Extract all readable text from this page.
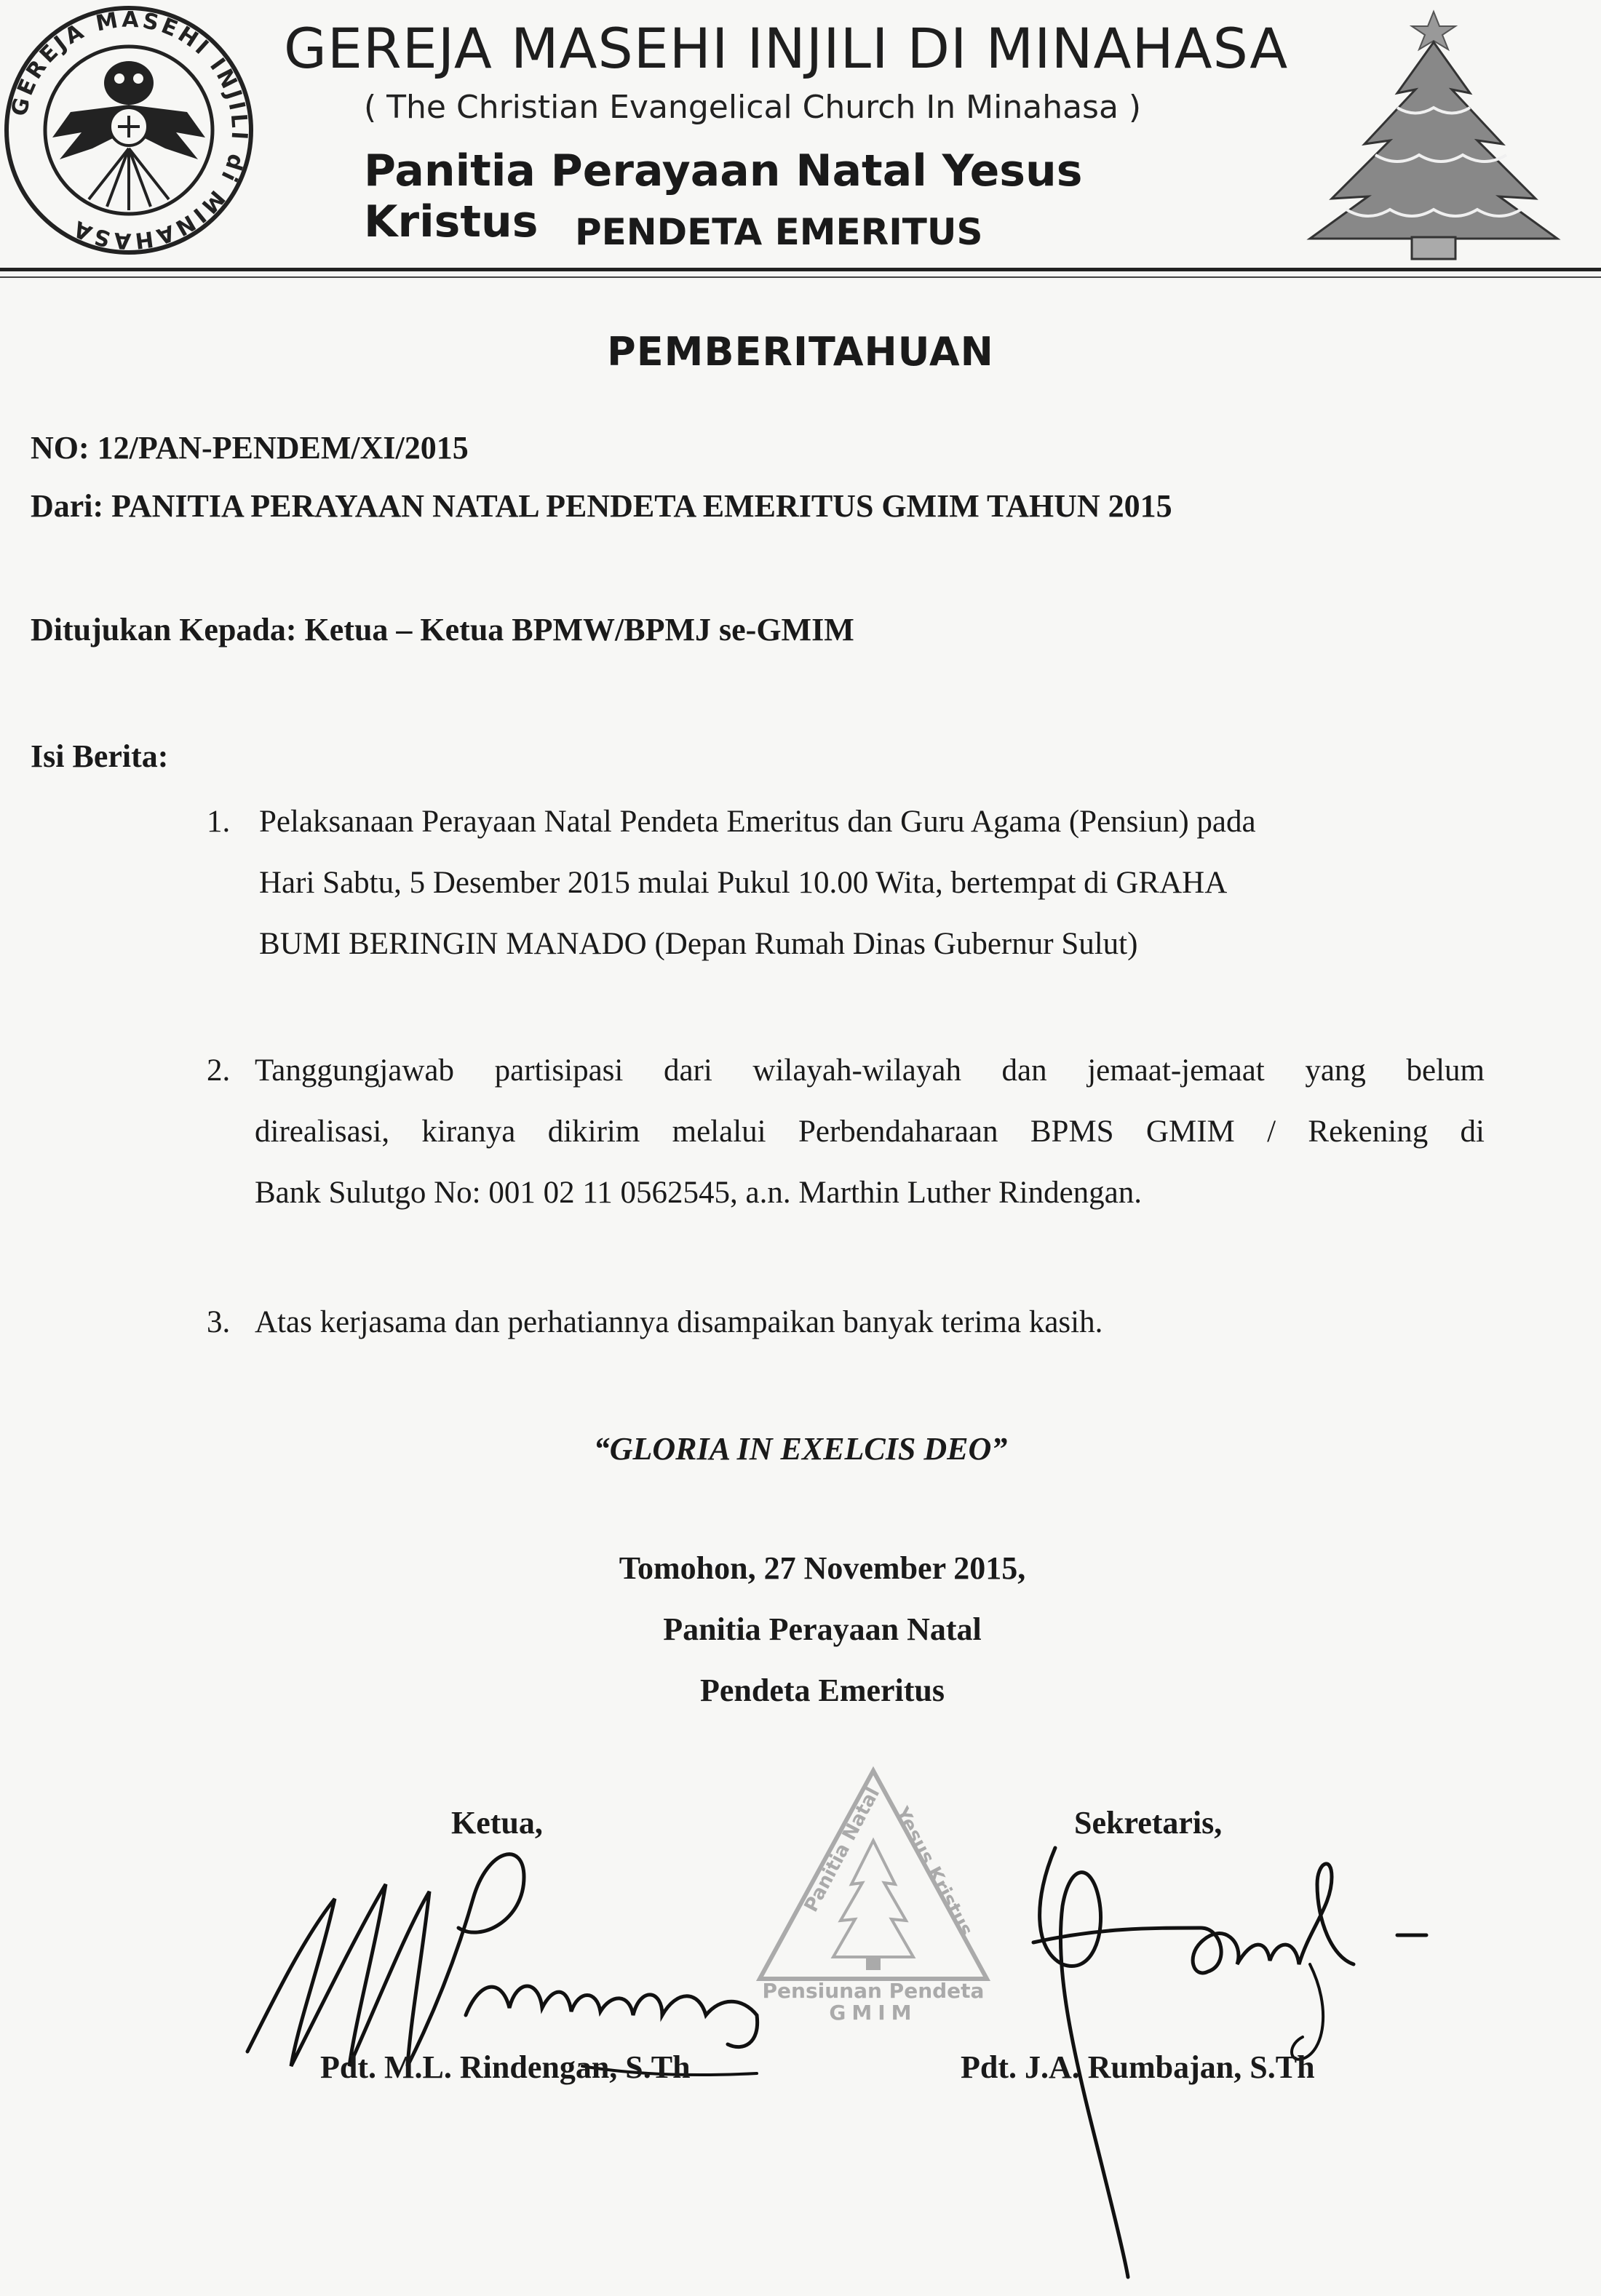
GEREJA MASEHI INJILI di MINAHASA
GEREJA MASEHI INJILI DI MINAHASA
( The Christian Evangelical Church In Minahasa )
Panitia Perayaan Natal Yesus Kristus	PENDETA EMERITUS
PEMBERITAHUAN
NO: 12/PAN-PENDEM/XI/2015
Dari: PANITIA PERAYAAN NATAL PENDETA EMERITUS GMIM TAHUN 2015
Ditujukan Kepada: Ketua – Ketua BPMW/BPMJ se-GMIM
Isi Berita:
1. Pelaksanaan Perayaan Natal Pendeta Emeritus dan Guru Agama (Pensiun) pada
Hari Sabtu, 5 Desember 2015 mulai Pukul 10.00 Wita, bertempat di GRAHA
BUMI BERINGIN MANADO (Depan Rumah Dinas Gubernur Sulut)
2. Tanggungjawab partisipasi dari wilayah-wilayah dan jemaat-jemaat yang belum
direalisasi, kiranya dikirim melalui Perbendaharaan BPMS GMIM / Rekening di
Bank Sulutgo No: 001 02 11 0562545, a.n. Marthin Luther Rindengan.
3. Atas kerjasama dan perhatiannya disampaikan banyak terima kasih.
“GLORIA IN EXELCIS DEO”
Tomohon, 27 November 2015,
Panitia Perayaan Natal
Pendeta Emeritus
Ketua,	Sekretaris,
Pensiunan Pendeta
GMIM
Panitia Natal Yesus Kristus
Pdt. M.L. Rindengan, S.Th	Pdt. J.A. Rumbajan, S.Th
